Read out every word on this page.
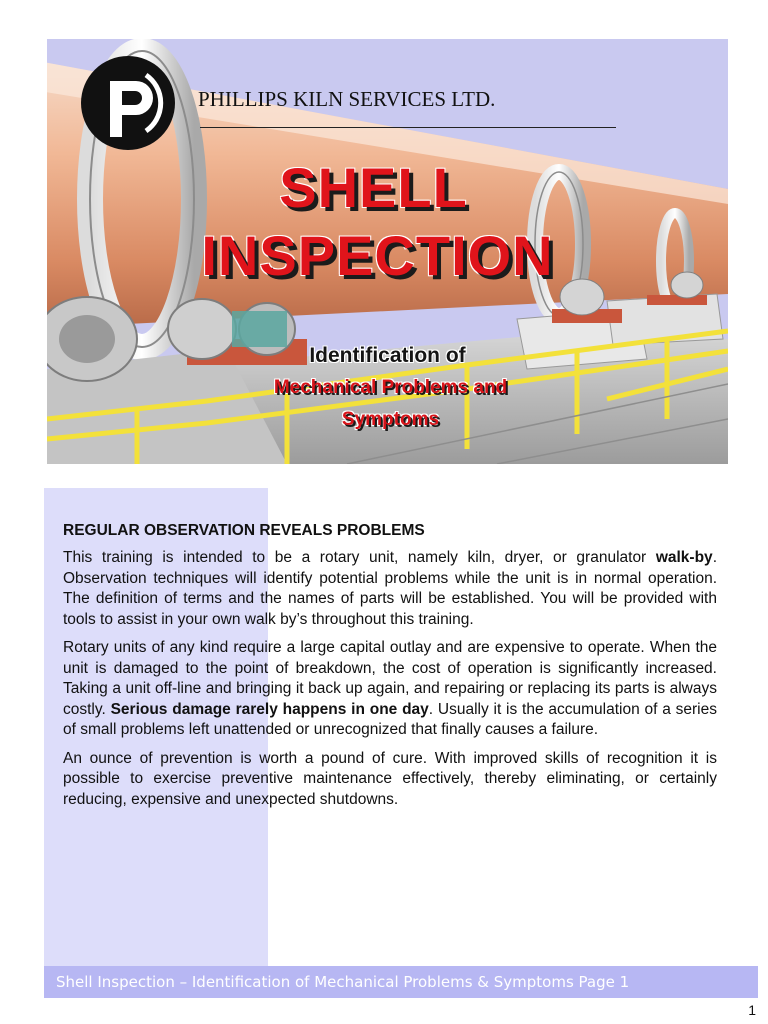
PHILLIPS KILN SERVICES LTD.
SHELL
INSPECTION
Identification of
Mechanical Problems and
Symptoms
REGULAR OBSERVATION REVEALS PROBLEMS

This training is intended to be a rotary unit, namely kiln, dryer, or granulator walk-by. Observation techniques will identify potential problems while the unit is in normal operation. The definition of terms and the names of parts will be established. You will be provided with tools to assist in your own walk by’s throughout this training.

Rotary units of any kind require a large capital outlay and are expensive to operate. When the unit is damaged to the point of breakdown, the cost of operation is significantly increased. Taking a unit off-line and bringing it back up again, and repairing or replacing its parts is always costly. Serious damage rarely happens in one day. Usually it is the accumulation of a series of small problems left unattended or unrecognized that finally causes a failure.

An ounce of prevention is worth a pound of cure. With improved skills of recognition it is possible to exercise preventive maintenance effectively, thereby eliminating, or certainly reducing, expensive and unexpected shutdowns.

Shell Inspection – Identification of Mechanical Problems & Symptoms Page 1
1
